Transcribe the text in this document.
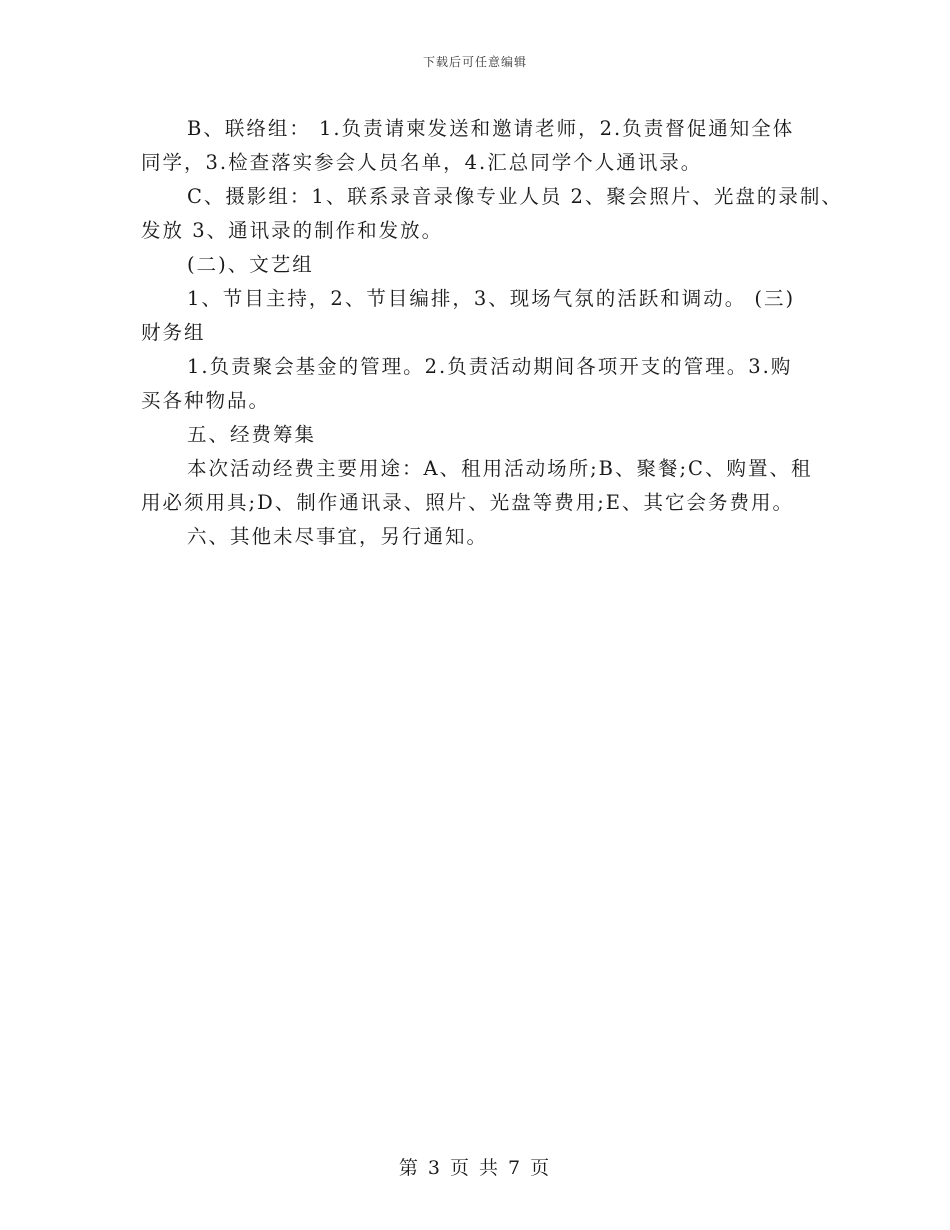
下载后可任意编辑

B、联络组： 1.负责请柬发送和邀请老师，2.负责督促通知全体
同学，3.检查落实参会人员名单，4.汇总同学个人通讯录。

C、摄影组：1、联系录音录像专业人员 2、聚会照片、光盘的录制、
发放 3、通讯录的制作和发放。

(二)、文艺组

1、节目主持，2、节目编排，3、现场气氛的活跃和调动。 (三)
财务组

1.负责聚会基金的管理。2.负责活动期间各项开支的管理。3.购
买各种物品。

五、经费筹集

本次活动经费主要用途：A、租用活动场所;B、聚餐;C、购置、租
用必须用具;D、制作通讯录、照片、光盘等费用;E、其它会务费用。

六、其他未尽事宜，另行通知。

第 3 页 共 7 页
